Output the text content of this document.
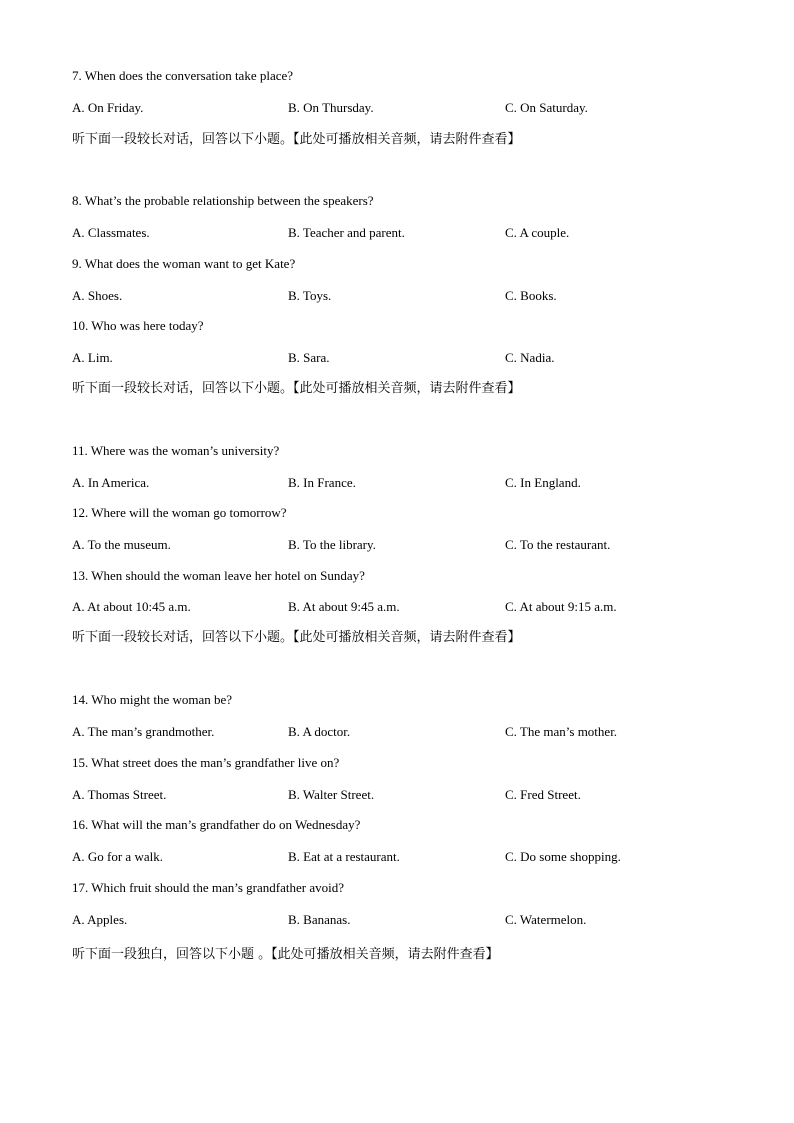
7. When does the conversation take place?
A. On Friday.	B. On Thursday.	C. On Saturday.
听下面一段较长对话，回答以下小题。【此处可播放相关音频，请去附件查看】
8. What’s the probable relationship between the speakers?
A. Classmates.	B. Teacher and parent.	C. A couple.
9. What does the woman want to get Kate?
A. Shoes.	B. Toys.	C. Books.
10. Who was here today?
A. Lim.	B. Sara.	C. Nadia.
听下面一段较长对话，回答以下小题。【此处可播放相关音频，请去附件查看】
11. Where was the woman’s university?
A. In America.	B. In France.	C. In England.
12. Where will the woman go tomorrow?
A. To the museum.	B. To the library.	C. To the restaurant.
13. When should the woman leave her hotel on Sunday?
A. At about 10:45 a.m.	B. At about 9:45 a.m.	C. At about 9:15 a.m.
听下面一段较长对话，回答以下小题。【此处可播放相关音频，请去附件查看】
14. Who might the woman be?
A. The man’s grandmother.	B. A doctor.	C. The man’s mother.
15. What street does the man’s grandfather live on?
A. Thomas Street.	B. Walter Street.	C. Fred Street.
16. What will the man’s grandfather do on Wednesday?
A. Go for a walk.	B. Eat at a restaurant.	C. Do some shopping.
17. Which fruit should the man’s grandfather avoid?
A. Apples.	B. Bananas.	C. Watermelon.
听下面一段独白，回答以下小题 。【此处可播放相关音频，请去附件查看】
